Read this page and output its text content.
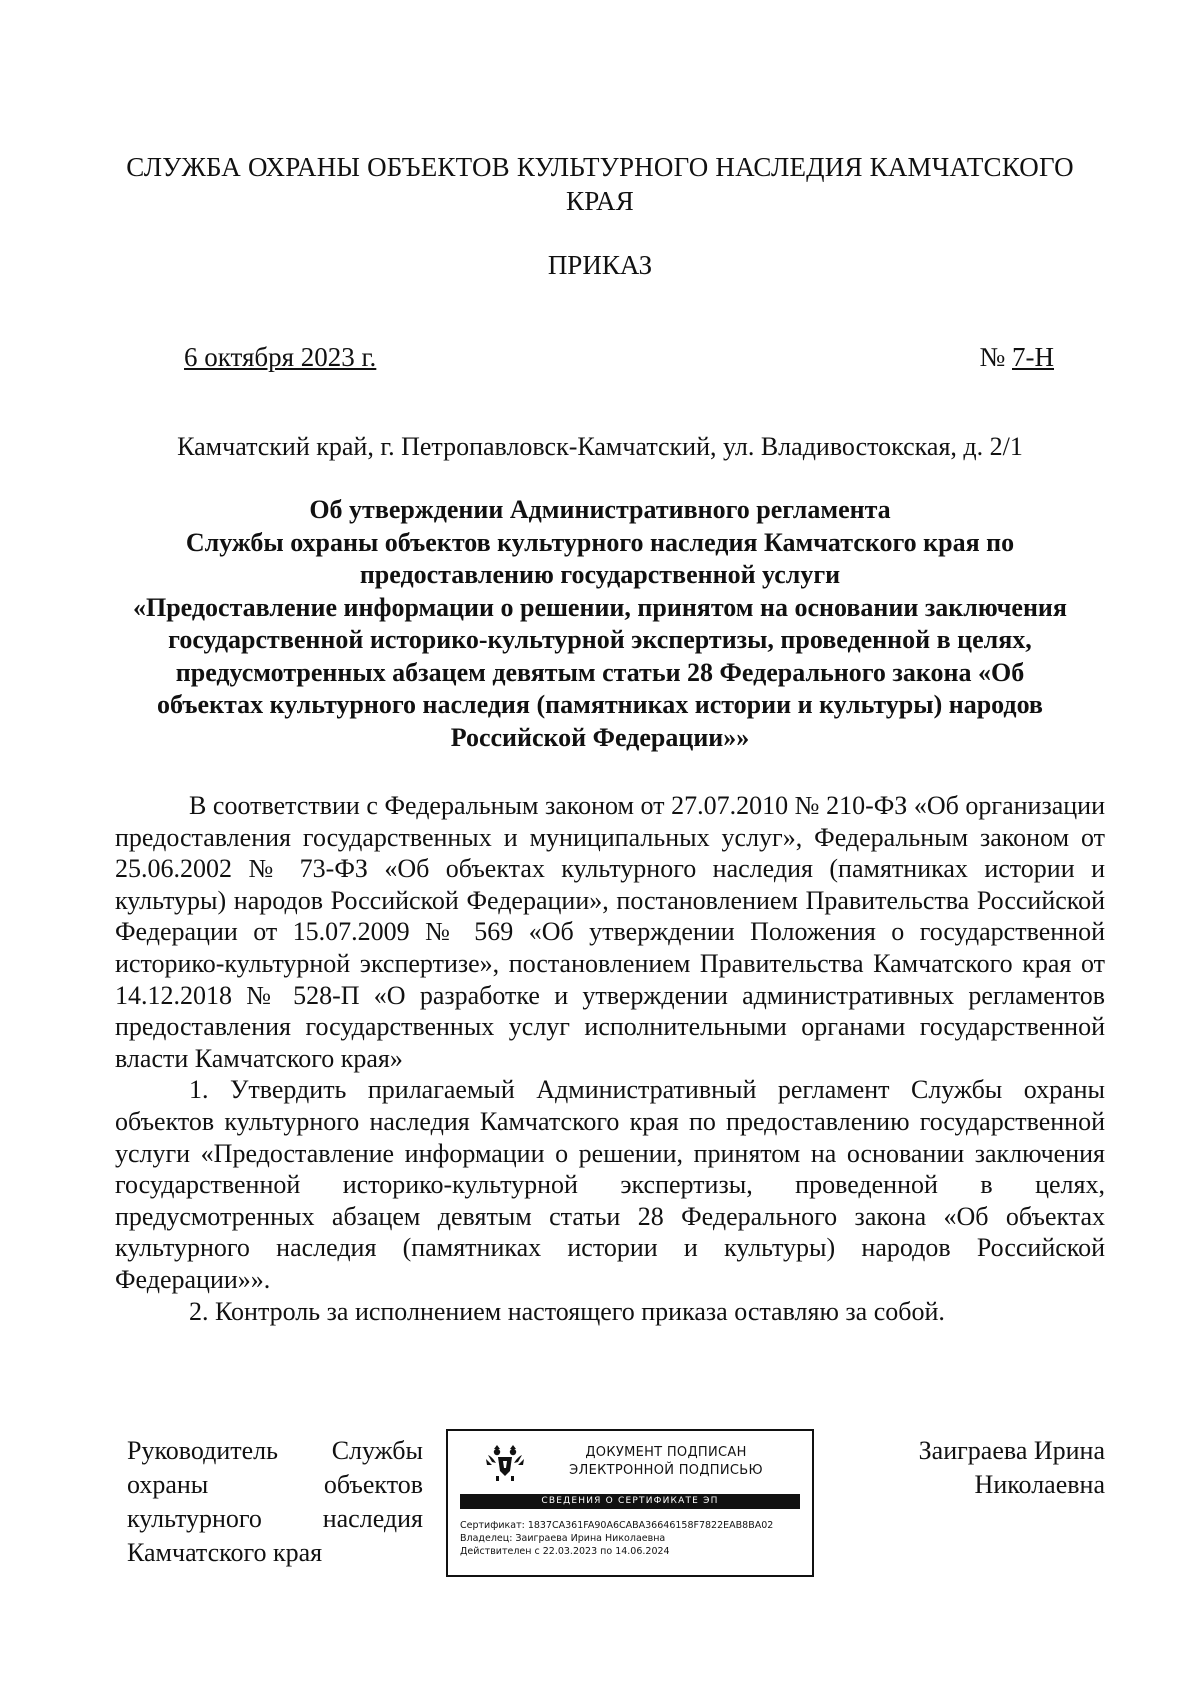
СЛУЖБА ОХРАНЫ ОБЪЕКТОВ КУЛЬТУРНОГО НАСЛЕДИЯ КАМЧАТСКОГО
КРАЯ
ПРИКАЗ
6 октября 2023 г.	№ 7-Н
Камчатский край, г. Петропавловск-Камчатский, ул. Владивостокская, д. 2/1
Об утверждении Административного регламента
Службы охраны объектов культурного наследия Камчатского края по
предоставлению государственной услуги
«Предоставление информации о решении, принятом на основании заключения
государственной историко-культурной экспертизы, проведенной в целях,
предусмотренных абзацем девятым статьи 28 Федерального закона «Об
объектах культурного наследия (памятниках истории и культуры) народов
Российской Федерации»»

В соответствии с Федеральным законом от 27.07.2010 № 210-ФЗ «Об организации предоставления государственных и муниципальных услуг», Федеральным законом от 25.06.2002 № 73-ФЗ «Об объектах культурного наследия (памятниках истории и культуры) народов Российской Федерации», постановлением Правительства Российской Федерации от 15.07.2009 № 569 «Об утверждении Положения о государственной историко-культурной экспертизе», постановлением Правительства Камчатского края от 14.12.2018 № 528-П «О разработке и утверждении административных регламентов предоставления государственных услуг исполнительными органами государственной власти Камчатского края»

1. Утвердить прилагаемый Административный регламент Службы охраны объектов культурного наследия Камчатского края по предоставлению государственной услуги «Предоставление информации о решении, принятом на основании заключения государственной историко-культурной экспертизы, проведенной в целях, предусмотренных абзацем девятым статьи 28 Федерального закона «Об объектах культурного наследия (памятниках истории и культуры) народов Российской Федерации»».

2. Контроль за исполнением настоящего приказа оставляю за собой.

Руководитель Службы
охраны объектов
культурного наследия
Камчатского края
ДОКУМЕНТ ПОДПИСАН
ЭЛЕКТРОННОЙ ПОДПИСЬЮ
СВЕДЕНИЯ О СЕРТИФИКАТЕ ЭП
Сертификат: 1837CA361FA90A6CABA36646158F7822EAB8BA02
Владелец: Заиграева Ирина Николаевна
Действителен с 22.03.2023 по 14.06.2024
Заиграева Ирина
Николаевна
